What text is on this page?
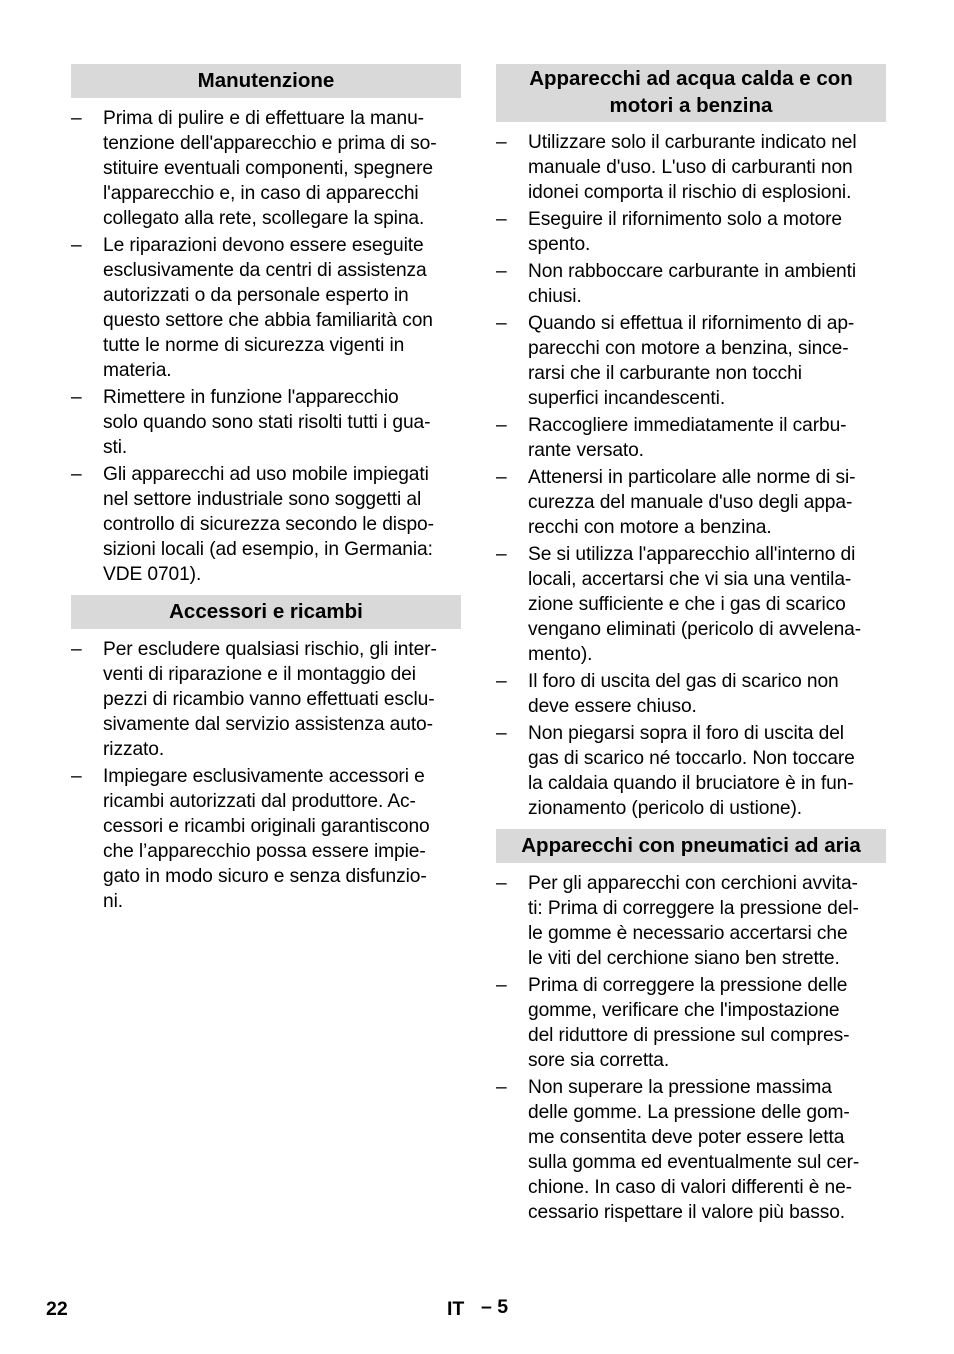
Manutenzione
–	Prima di pulire e di effettuare la manu-
tenzione dell'apparecchio e prima di so-
stituire eventuali componenti, spegnere
l'apparecchio e, in caso di apparecchi
collegato alla rete, scollegare la spina.
–	Le riparazioni devono essere eseguite
esclusivamente da centri di assistenza
autorizzati o da personale esperto in
questo settore che abbia familiarità con
tutte le norme di sicurezza vigenti in
materia.
–	Rimettere in funzione l'apparecchio
solo quando sono stati risolti tutti i gua-
sti.
–	Gli apparecchi ad uso mobile impiegati
nel settore industriale sono soggetti al
controllo di sicurezza secondo le dispo-
sizioni locali (ad esempio, in Germania:
VDE 0701).
Accessori e ricambi
–	Per escludere qualsiasi rischio, gli inter-
venti di riparazione e il montaggio dei
pezzi di ricambio vanno effettuati esclu-
sivamente dal servizio assistenza auto-
rizzato.
–	Impiegare esclusivamente accessori e
ricambi autorizzati dal produttore. Ac-
cessori e ricambi originali garantiscono
che l’apparecchio possa essere impie-
gato in modo sicuro e senza disfunzio-
ni.
Apparecchi ad acqua calda e con motori a benzina
–	Utilizzare solo il carburante indicato nel
manuale d'uso. L'uso di carburanti non
idonei comporta il rischio di esplosioni.
–	Eseguire il rifornimento solo a motore
spento.
–	Non rabboccare carburante in ambienti
chiusi.
–	Quando si effettua il rifornimento di ap-
parecchi con motore a benzina, since-
rarsi che il carburante non tocchi
superfici incandescenti.
–	Raccogliere immediatamente il carbu-
rante versato.
–	Attenersi in particolare alle norme di si-
curezza del manuale d'uso degli appa-
recchi con motore a benzina.
–	Se si utilizza l'apparecchio all'interno di
locali, accertarsi che vi sia una ventila-
zione sufficiente e che i gas di scarico
vengano eliminati (pericolo di avvelena-
mento).
–	Il foro di uscita del gas di scarico non
deve essere chiuso.
–	Non piegarsi sopra il foro di uscita del
gas di scarico né toccarlo. Non toccare
la caldaia quando il bruciatore è in fun-
zionamento (pericolo di ustione).
Apparecchi con pneumatici ad aria
–	Per gli apparecchi con cerchioni avvita-
ti: Prima di correggere la pressione del-
le gomme è necessario accertarsi che
le viti del cerchione siano ben strette.
–	Prima di correggere la pressione delle
gomme, verificare che l'impostazione
del riduttore di pressione sul compres-
sore sia corretta.
–	Non superare la pressione massima
delle gomme. La pressione delle gom-
me consentita deve poter essere letta
sulla gomma ed eventualmente sul cer-
chione. In caso di valori differenti è ne-
cessario rispettare il valore più basso.
22	IT – 5
